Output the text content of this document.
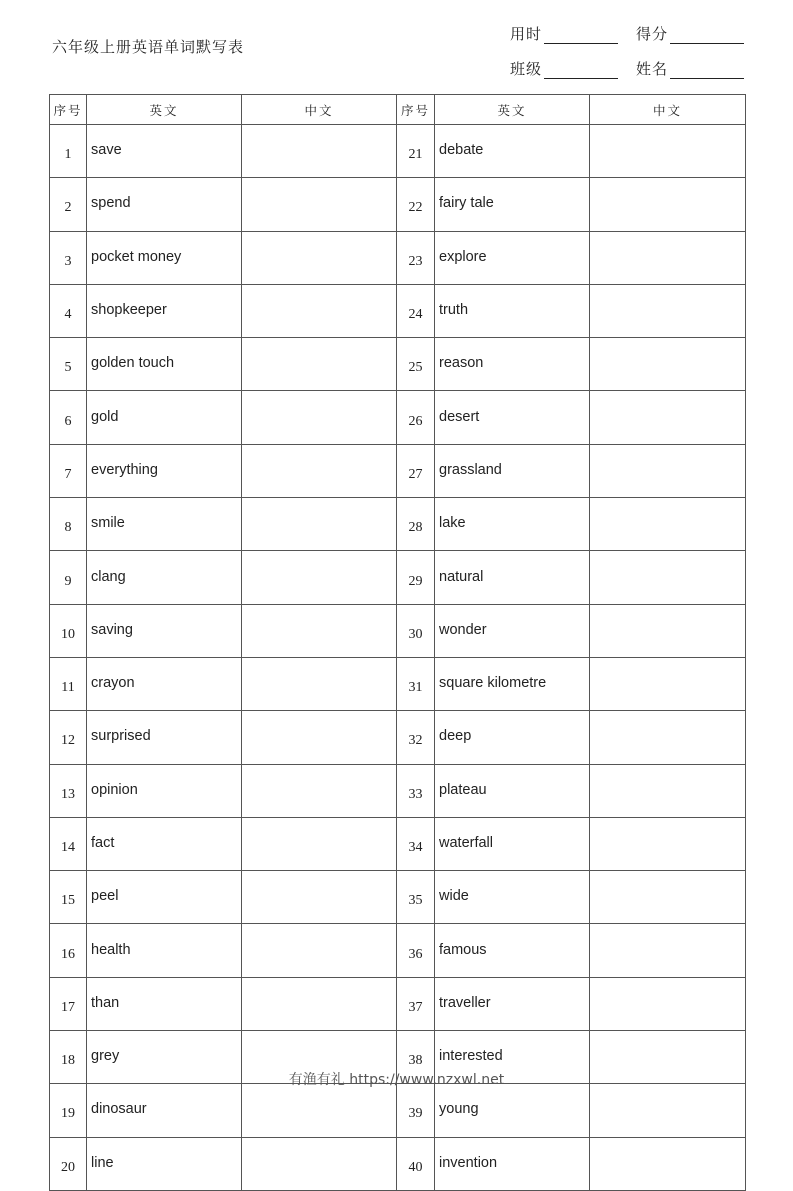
六年级上册英语单词默写表
用时	得分
班级	姓名
序号	英文	中文	序号	英文	中文
1	save		21	debate	
2	spend		22	fairy tale	
3	pocket money		23	explore	
4	shopkeeper		24	truth	
5	golden touch		25	reason	
6	gold		26	desert	
7	everything		27	grassland	
8	smile		28	lake	
9	clang		29	natural	
10	saving		30	wonder	
11	crayon		31	square kilometre	
12	surprised		32	deep	
13	opinion		33	plateau	
14	fact		34	waterfall	
15	peel		35	wide	
16	health		36	famous	
17	than		37	traveller	
18	grey		38	interested	
19	dinosaur		39	young	
20	line		40	invention	
有渔有礼 https://www.nzxwl.net
